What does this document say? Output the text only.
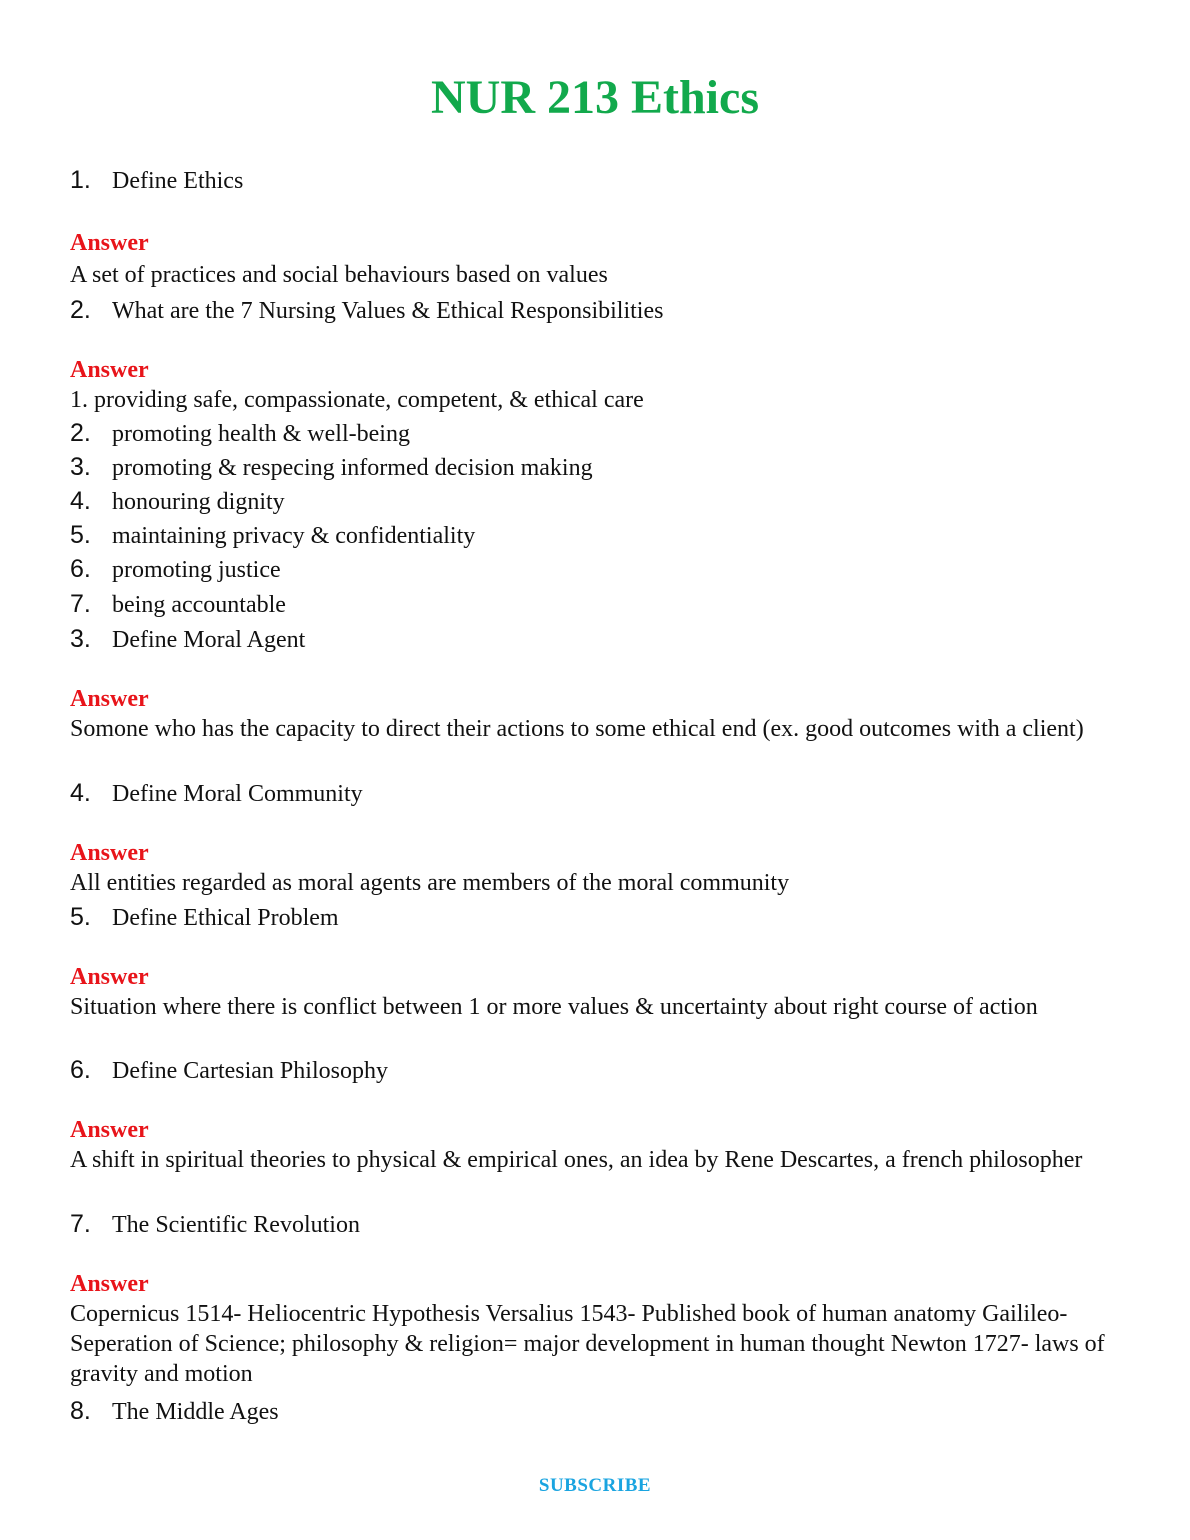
NUR 213 Ethics
1. Define Ethics
Answer
A set of practices and social behaviours based on values
2. What are the 7 Nursing Values & Ethical Responsibilities
Answer
1. providing safe, compassionate, competent, & ethical care
2. promoting health & well-being
3. promoting & respecing informed decision making
4. honouring dignity
5. maintaining privacy & confidentiality
6. promoting justice
7. being accountable
3. Define Moral Agent
Answer
Somone who has the capacity to direct their actions to some ethical end (ex. good outcomes with a client)
4. Define Moral Community
Answer
All entities regarded as moral agents are members of the moral community
5. Define Ethical Problem
Answer
Situation where there is conflict between 1 or more values & uncertainty about right course of action
6. Define Cartesian Philosophy
Answer
A shift in spiritual theories to physical & empirical ones, an idea by Rene Descartes, a french philosopher
7. The Scientific Revolution
Answer
Copernicus 1514- Heliocentric Hypothesis Versalius 1543- Published book of human anatomy Gailileo- Seperation of Science; philosophy & religion= major development in human thought Newton 1727- laws of gravity and motion
8. The Middle Ages
SUBSCRIBE
